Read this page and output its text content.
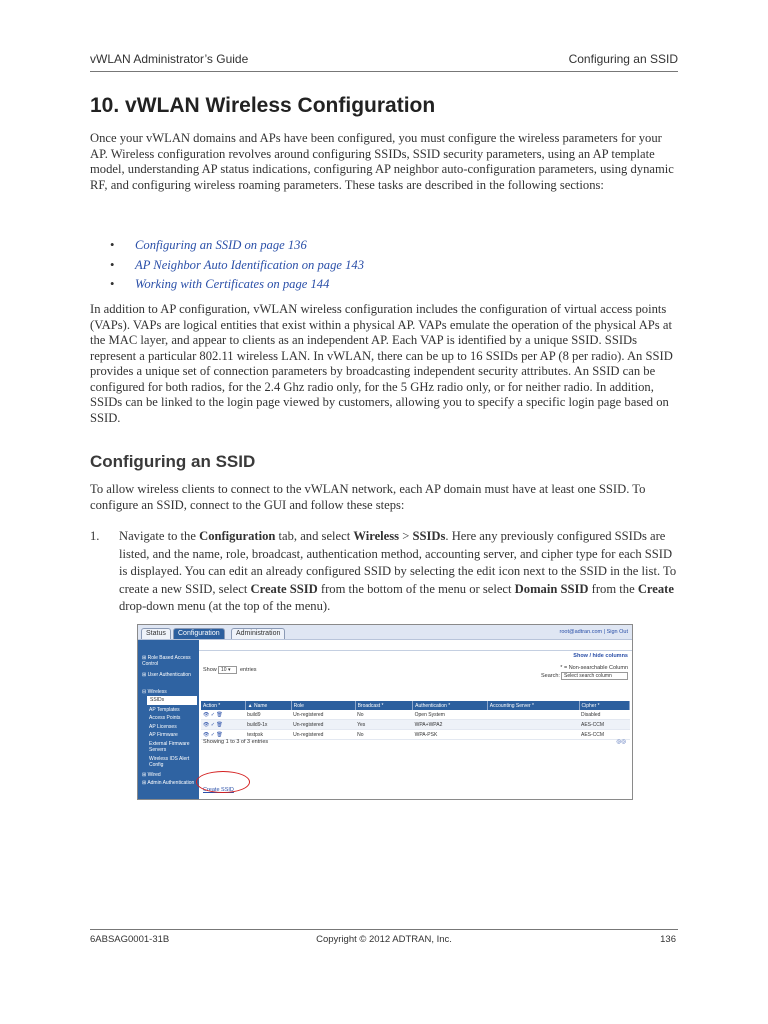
vWLAN Administrator’s Guide	Configuring an SSID
10. vWLAN Wireless Configuration

Once your vWLAN domains and APs have been configured, you must configure the wireless parameters for your AP. Wireless configuration revolves around configuring SSIDs, SSID security parameters, using an AP template model, understanding AP status indications, configuring AP neighbor auto-configuration parameters, using dynamic RF, and configuring wireless roaming parameters. These tasks are described in the following sections:

• Configuring an SSID on page 136
• AP Neighbor Auto Identification on page 143
• Working with Certificates on page 144

In addition to AP configuration, vWLAN wireless configuration includes the configuration of virtual access points (VAPs). VAPs are logical entities that exist within a physical AP. VAPs emulate the operation of the physical APs at the MAC layer, and appear to clients as an independent AP. Each VAP is identified by a unique SSID. SSIDs represent a particular 802.11 wireless LAN. In vWLAN, there can be up to 16 SSIDs per AP (8 per radio). An SSID provides a unique set of connection parameters by broadcasting independent security attributes. An SSID can be configured for both radios, for the 2.4 Ghz radio only, for the 5 GHz radio only, or for neither radio. In addition, SSIDs can be linked to the login page viewed by customers, allowing you to specify a specific login page based on SSID.

Configuring an SSID

To allow wireless clients to connect to the vWLAN network, each AP domain must have at least one SSID. To configure an SSID, connect to the GUI and follow these steps:

1. Navigate to the Configuration tab, and select Wireless > SSIDs. Here any previously configured SSIDs are listed, and the name, role, broadcast, authentication method, accounting server, and cipher type for each SSID is displayed. You can edit an already configured SSID by selecting the edit icon next to the SSID in the list. To create a new SSID, select Create SSID from the bottom of the menu or select Domain SSID from the Create drop-down menu (at the top of the menu).
Status	Configuration	Administration	root@adtran.com | Sign Out
⊞ Role Based Access Control
⊞ User Authentication
⊟ Wireless
SSIDs
AP Templates
Access Points
AP Licenses
AP Firmware
External Firmware Servers
Wireless IDS Alert Config
⊞ Wired
⊞ Admin Authentication
Show / hide columns
Show 10 ▾	entries	* = Non-searchable Column
Search: Select search column
Action *	▲ Name	Role	Broadcast *	Authentication *	Accounting Server *	Cipher *
👁 ✓ 🗑	build9	Un-registered	No	Open System		Disabled
👁 ✓ 🗑	build9-1x	Un-registered	Yes	WPA+WPA2		AES-CCM
👁 ✓ 🗑	testpsk	Un-registered	No	WPA-PSK		AES-CCM
Showing 1 to 3 of 3 entries	◎◎
Create SSID
6ABSAG0001-31B	Copyright © 2012 ADTRAN, Inc.	136
